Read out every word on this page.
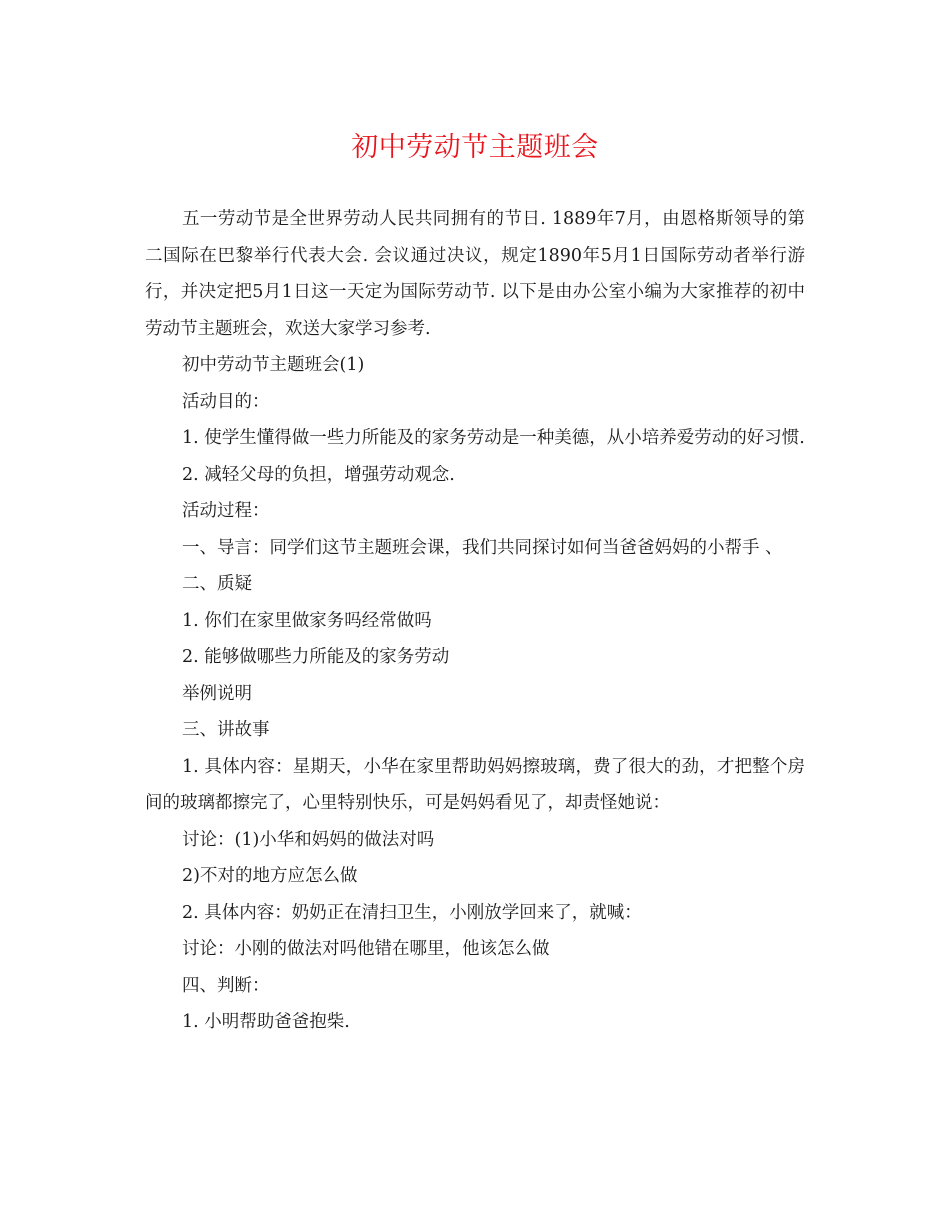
初中劳动节主题班会

五一劳动节是全世界劳动人民共同拥有的节日. 1889年7月，由恩格斯领导的第二国际在巴黎举行代表大会. 会议通过决议，规定1890年5月1日国际劳动者举行游行，并决定把5月1日这一天定为国际劳动节. 以下是由办公室小编为大家推荐的初中劳动节主题班会，欢送大家学习参考.

初中劳动节主题班会(1)

活动目的：

1. 使学生懂得做一些力所能及的家务劳动是一种美德，从小培养爱劳动的好习惯.

2. 减轻父母的负担，增强劳动观念.

活动过程：

一、导言：同学们这节主题班会课，我们共同探讨如何当爸爸妈妈的小帮手 、

二、质疑

1. 你们在家里做家务吗经常做吗

2. 能够做哪些力所能及的家务劳动

举例说明

三、讲故事

1. 具体内容：星期天，小华在家里帮助妈妈擦玻璃，费了很大的劲，才把整个房间的玻璃都擦完了，心里特别快乐，可是妈妈看见了，却责怪她说：

讨论：(1)小华和妈妈的做法对吗

2)不对的地方应怎么做

2. 具体内容：奶奶正在清扫卫生，小刚放学回来了，就喊：

讨论：小刚的做法对吗他错在哪里，他该怎么做

四、判断：

1. 小明帮助爸爸抱柴.
